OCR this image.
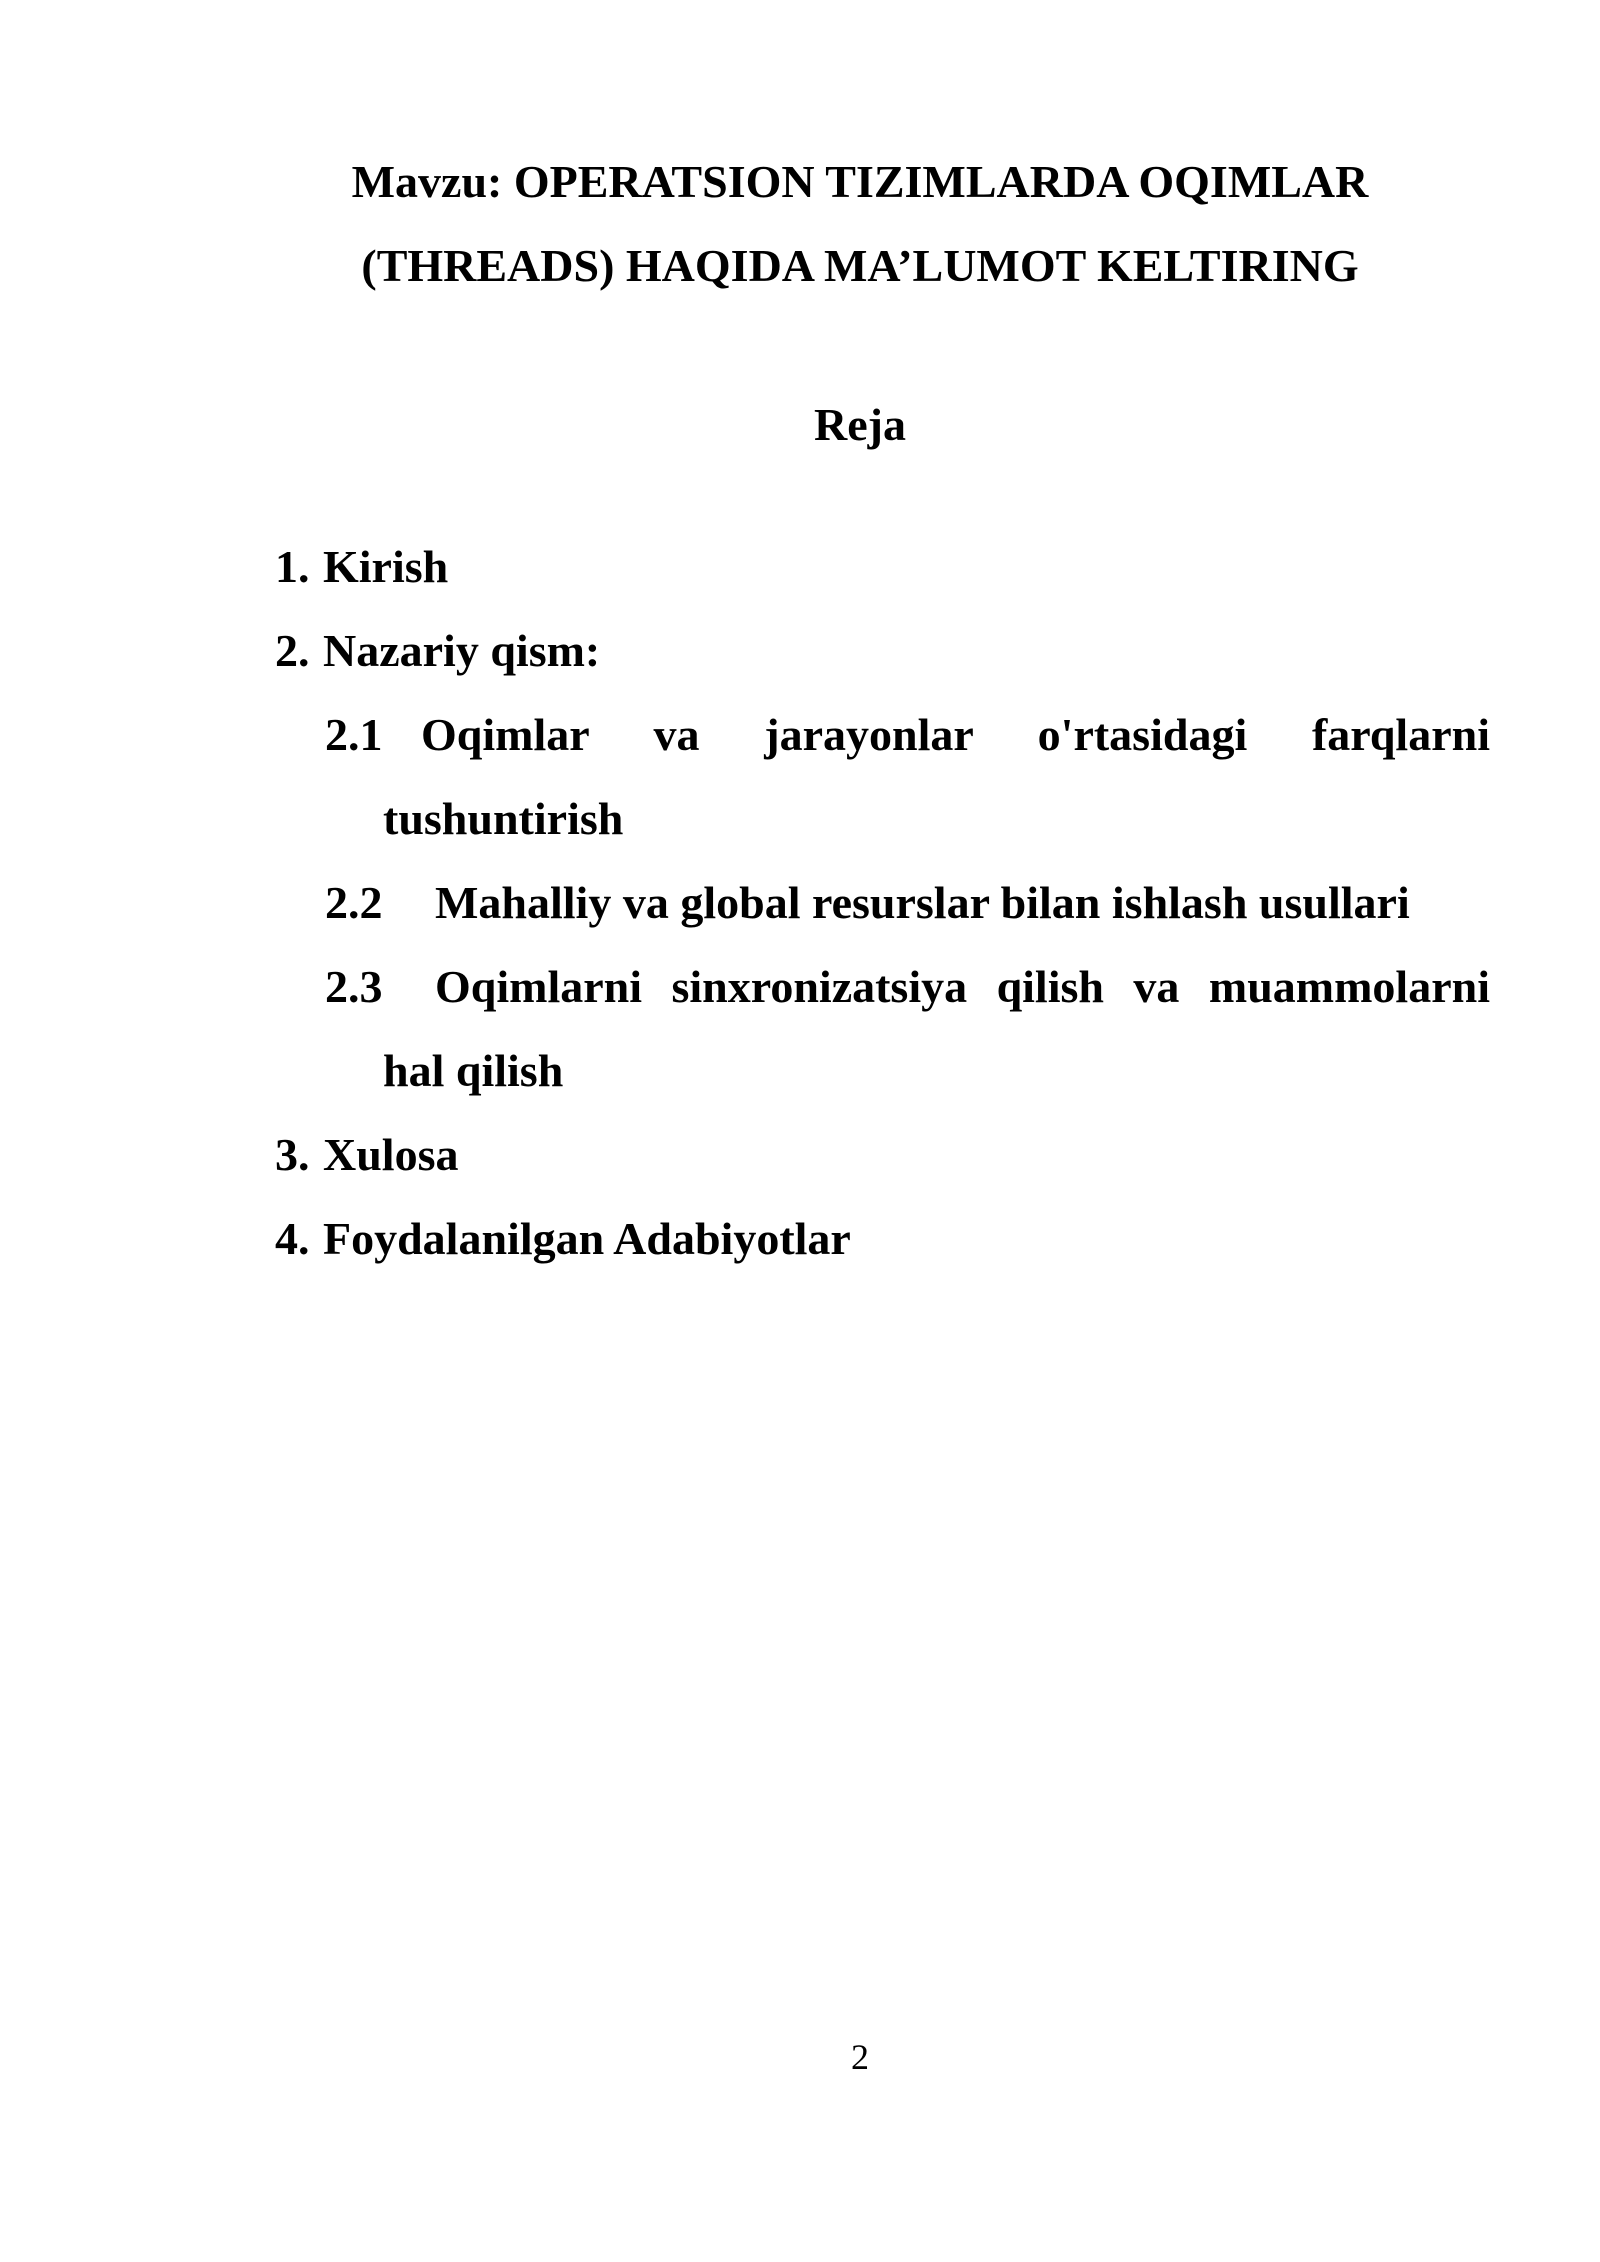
Mavzu: OPERATSION TIZIMLARDA OQIMLAR
(THREADS) HAQIDA MA’LUMOT KELTIRING
Reja
1. Kirish
2. Nazariy qism:
2.1 Oqimlar va jarayonlar o'rtasidagi farqlarni tushuntirish
2.2 Mahalliy va global resurslar bilan ishlash usullari
2.3 Oqimlarni sinxronizatsiya qilish va muammolarni hal qilish
3. Xulosa
4. Foydalanilgan Adabiyotlar
2
